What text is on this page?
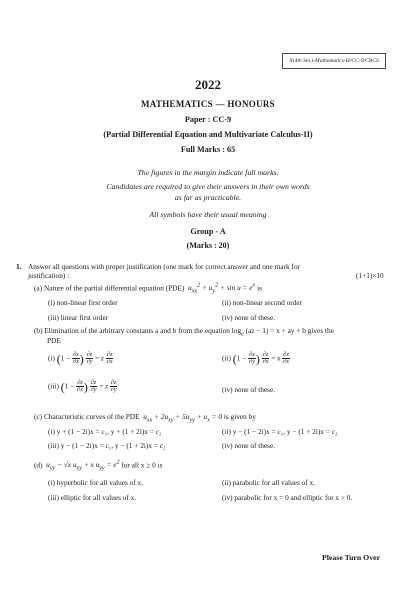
X(4th Sm.)-Mathematics-H/CC-9/CBCS
2022
MATHEMATICS — HONOURS
Paper : CC-9
(Partial Differential Equation and Multivariate Calculus-II)
Full Marks : 65
The figures in the margin indicate full marks.
Candidates are required to give their answers in their own words
as far as practicable.
All symbols have their usual meaning
Group - A
(Marks : 20)
1. Answer all questions with proper justification (one mark for correct answer and one mark for
justification) :	(1+1)×10
(a) Nature of the partial differential equation (PDE)  $u_{xx}^2 + u_y^2 + \sin u = e^x$ is
(i) non-linear first order	(ii) non-linear second order
(iii) linear first order	(iv) none of these.
(b) Elimination of the arbitrary constants a and b from the equation $\log_e (az - 1) = x$ + ay + b gives the
PDE
(i) ($1 - \frac{\partial z}{\partial x}$ ) $\frac{\partial z}{\partial y} = z \frac{\partial z}{\partial x}$	(ii) ($1 - \frac{\partial z}{\partial y}$ ) $\frac{\partial z}{\partial x} = x \frac{\partial z}{\partial x}$
(iii) ($1 - \frac{\partial z}{\partial x}$ ) $\frac{\partial z}{\partial y} = z \frac{\partial z}{\partial y}$	(iv) none of these.
(c) Characteristic curves of the PDE  $u_{xx} + 2u_{xy} + 5u_{yy} + u_x = 0$ is given by
(i) y + (1 − 2i)x = c₁, y + (1 + 2i)x = c₂	(ii) y − (1 − 2i)x = c₁, y − (1 + 2i)x = c₂
(iii) y − (1 − 2i)x = c₁, y − (1 + 2i)x = c₂	(iv) none of these.
(d)  $u_{yy} - √x$ $u_{xy} + x$ $u_{yy} = e^2$ for all x ≥ 0 is
(i) hyperbolic for all values of x.	(ii) parabolic for all values of x.
(iii) elliptic for all values of x.	(iv) parabolic for x = 0 and elliptic for x > 0.
Please Turn Over
